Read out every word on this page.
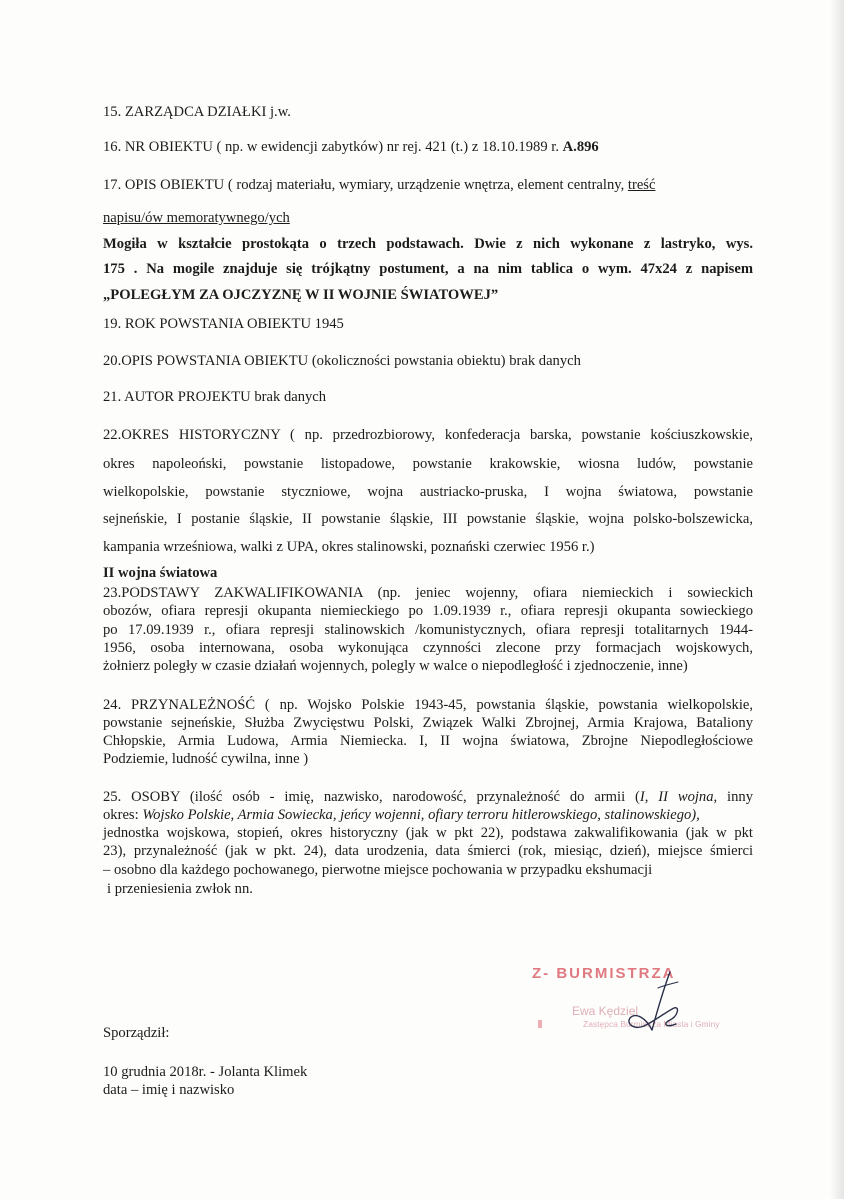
15. ZARZĄDCA DZIAŁKI j.w.

16. NR OBIEKTU ( np. w ewidencji zabytków) nr rej. 421 (t.) z 18.10.1989 r. A.896

17. OPIS OBIEKTU ( rodzaj materiału, wymiary, urządzenie wnętrza, element centralny, treść

napisu/ów memoratywnego/ych

Mogiła w kształcie prostokąta o trzech podstawach. Dwie z nich wykonane z lastryko, wys.

175 . Na mogile znajduje się trójkątny postument, a na nim tablica o wym. 47x24 z napisem

„POLEGŁYM ZA OJCZYZNĘ W II WOJNIE ŚWIATOWEJ”

19. ROK POWSTANIA OBIEKTU 1945

20.OPIS POWSTANIA OBIEKTU (okoliczności powstania obiektu) brak danych

21. AUTOR PROJEKTU brak danych

22.OKRES HISTORYCZNY ( np. przedrozbiorowy, konfederacja barska, powstanie kościuszkowskie,

okres napoleoński, powstanie listopadowe, powstanie krakowskie, wiosna ludów, powstanie

wielkopolskie, powstanie styczniowe, wojna austriacko-pruska, I wojna światowa, powstanie

sejneńskie, I postanie śląskie, II powstanie śląskie, III powstanie śląskie, wojna polsko-bolszewicka,

kampania wrześniowa, walki z UPA, okres stalinowski, poznański czerwiec 1956 r.)

II wojna światowa

23.PODSTAWY ZAKWALIFIKOWANIA (np. jeniec wojenny, ofiara niemieckich i sowieckich

obozów, ofiara represji okupanta niemieckiego po 1.09.1939 r., ofiara represji okupanta sowieckiego

po 17.09.1939 r., ofiara represji stalinowskich /komunistycznych, ofiara represji totalitarnych 1944-

1956, osoba internowana, osoba wykonująca czynności zlecone przy formacjach wojskowych,

żołnierz poległy w czasie działań wojennych, polegly w walce o niepodległość i zjednoczenie, inne)

24. PRZYNALEŻNOŚĆ ( np. Wojsko Polskie 1943-45, powstania śląskie, powstania wielkopolskie,

powstanie sejneńskie, Służba Zwycięstwu Polski, Związek Walki Zbrojnej, Armia Krajowa, Bataliony

Chłopskie, Armia Ludowa, Armia Niemiecka. I, II wojna światowa, Zbrojne Niepodległościowe

Podziemie, ludność cywilna, inne )

25. OSOBY (ilość osób - imię, nazwisko, narodowość, przynależność do armii (I, II wojna, inny

okres: Wojsko Polskie, Armia Sowiecka, jeńcy wojenni, ofiary terroru hitlerowskiego, stalinowskiego),

jednostka wojskowa, stopień, okres historyczny (jak w pkt 22), podstawa zakwalifikowania (jak w pkt

23), przynależność (jak w pkt. 24), data urodzenia, data śmierci (rok, miesiąc, dzień), miejsce śmierci

– osobno dla każdego pochowanego, pierwotne miejsce pochowania w przypadku ekshumacji

i przeniesienia zwłok nn.

Z- BURMISTRZA

Ewa Kędziel

Zastępca Burmistrza Miasta i Gminy

Sporządził:

10 grudnia 2018r. - Jolanta Klimek

data – imię i nazwisko
